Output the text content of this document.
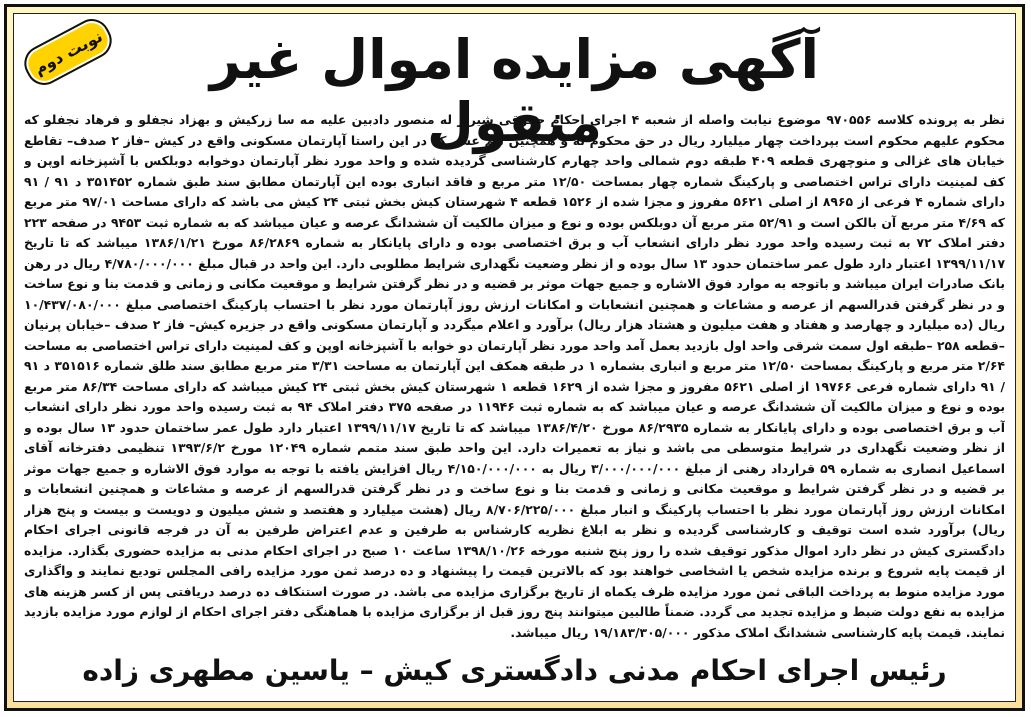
نوبت دوم	آگهی مزایده اموال غیر منقول
نظر به پرونده کلاسه ۹۷۰۵۵۶ موضوع نیابت واصله از شعبه ۴ اجرای احکام حقوقی شیراز له منصور دادبین علیه مه سا زرکیش و بهزاد نجفلو و فرهاد نجفلو که محکوم علیهم محکوم است بپرداخت چهار میلیارد ریال در حق محکوم له و همچنین نیم عشر که در این راستا آپارتمان مسکونی واقع در کیش –فاز ۲ صدف– تقاطع خیابان های غزالی و منوچهری قطعه ۴۰۹ طبقه دوم شمالی واحد چهارم کارشناسی گردیده شده و واحد مورد نظر آپارتمان دوخوابه دوبلکس با آشپزخانه اوپن و کف لمینیت دارای تراس اختصاصی و پارکینگ شماره چهار بمساحت ۱۲/۵۰ متر مربع و فاقد انباری بوده این آپارتمان مطابق سند طبق شماره ۳۵۱۴۵۲ د ۹۱ / ۹۱ دارای شماره ۴ فرعی از ۸۹۶۵ از اصلی ۵۶۲۱ مفروز و مجزا شده از ۱۵۲۶ قطعه ۴ شهرستان کیش بخش ثبتی ۲۴ کیش می باشد که دارای مساحت ۹۷/۰۱ متر مربع که ۴/۶۹ متر مربع آن بالکن است و ۵۲/۹۱ متر مربع آن دوبلکس بوده و نوع و میزان مالکیت آن ششدانگ عرصه و عیان میباشد که به شماره ثبت ۹۴۵۳ در صفحه ۲۲۳ دفتر املاک ۷۲ به ثبت رسیده واحد مورد نظر دارای انشعاب آب و برق اختصاصی بوده و دارای پایانکار به شماره ۸۶/۲۸۶۹ مورخ ۱۳۸۶/۱/۲۱ میباشد که تا تاریخ ۱۳۹۹/۱۱/۱۷ اعتبار دارد طول عمر ساختمان حدود ۱۳ سال بوده و از نظر وضعیت نگهداری شرایط مطلوبی دارد. این واحد در قبال مبلغ ۴/۷۸۰/۰۰۰/۰۰۰ ریال در رهن بانک صادرات ایران میباشد و باتوجه به موارد فوق الاشاره و جمیع جهات موثر بر قضیه و در نظر گرفتن شرایط و موقعیت مکانی و زمانی و قدمت بنا و نوع ساخت و در نظر گرفتن قدرالسهم از عرصه و مشاعات و همچنین انشعابات و امکانات ارزش روز آپارتمان مورد نظر با احتساب پارکینگ اختصاصی مبلغ ۱۰/۴۳۷/۰۸۰/۰۰۰ ریال (ده میلیارد و چهارصد و هفتاد و هفت میلیون و هشتاد هزار ریال) برآورد و اعلام میگردد و آپارتمان مسکونی واقع در جزیره کیش– فاز ۲ صدف –خیابان پرنیان –قطعه ۲۵۸ –طبقه اول سمت شرقی واحد اول بازدید بعمل آمد واحد مورد نظر آپارتمان دو خوابه با آشپزخانه اوپن و کف لمینیت دارای تراس اختصاصی به مساحت ۲/۶۴ متر مربع و پارکینگ بمساحت ۱۲/۵۰ متر مربع و انباری بشماره ۱ در طبقه همکف این آپارتمان به مساحت ۳/۳۱ متر مربع مطابق سند طلق شماره ۳۵۱۵۱۶ د ۹۱ / ۹۱ دارای شماره فرعی ۱۹۷۶۶ از اصلی ۵۶۲۱ مفروز و مجزا شده از ۱۶۲۹ قطعه ۱ شهرستان کیش بخش ثبتی ۲۴ کیش میباشد که دارای مساحت ۸۶/۳۴ متر مربع بوده و نوع و میزان مالکیت آن ششدانگ عرصه و عیان میباشد که به شماره ثبت ۱۱۹۴۶ در صفحه ۳۷۵ دفتر املاک ۹۴ به ثبت رسیده واحد مورد نظر دارای انشعاب آب و برق اختصاصی بوده و دارای پایانکار به شماره ۸۶/۲۹۳۵ مورخ ۱۳۸۶/۴/۲۰ میباشد که تا تاریخ ۱۳۹۹/۱۱/۱۷ اعتبار دارد طول عمر ساختمان حدود ۱۳ سال بوده و از نظر وضعیت نگهداری در شرایط متوسطی می باشد و نیاز به تعمیرات دارد. این واحد طبق سند متمم شماره ۱۲۰۴۹ مورخ ۱۳۹۳/۶/۲ تنظیمی دفترخانه آقای اسماعیل انصاری به شماره ۵۹ قرارداد رهنی از مبلغ ۳/۰۰۰/۰۰۰/۰۰۰ ریال به ۴/۱۵۰/۰۰۰/۰۰۰ ریال افزایش یافته با توجه به موارد فوق الاشاره و جمیع جهات موثر بر قضیه و در نظر گرفتن شرایط و موقعیت مکانی و زمانی و قدمت بنا و نوع ساخت و در نظر گرفتن قدرالسهم از عرصه و مشاعات و همچنین انشعابات و امکانات ارزش روز آپارتمان مورد نظر با احتساب پارکینگ و انبار مبلغ ۸/۷۰۶/۲۲۵/۰۰۰ ریال (هشت میلیارد و هفتصد و شش میلیون و دویست و بیست و پنج هزار ریال) برآورد شده است توقیف و کارشناسی گردیده و نظر به ابلاغ نظریه کارشناس به طرفین و عدم اعتراض طرفین به آن در فرجه قانونی اجرای احکام دادگستری کیش در نظر دارد اموال مذکور توقیف شده را روز پنج شنبه مورخه ۱۳۹۸/۱۰/۲۶ ساعت ۱۰ صبح در اجرای احکام مدنی به مزایده حضوری بگذارد. مزایده از قیمت پایه شروع و برنده مزایده شخص یا اشخاصی خواهند بود که بالاترین قیمت را پیشنهاد و ده درصد ثمن مورد مزایده رافی المجلس تودیع نمایند و واگذاری مورد مزایده منوط به پرداخت الباقی ثمن مورد مزایده ظرف یکماه از تاریخ برگزاری مزایده می باشد. در صورت استنکاف ده درصد دریافتی پس از کسر هزینه های مزایده به نفع دولت ضبط و مزایده تجدید می گردد. ضمناً طالبین میتوانند پنج روز قبل از برگزاری مزایده با هماهنگی دفتر اجرای احکام از لوازم مورد مزایده بازدید نمایند. قیمت پایه کارشناسی ششدانگ املاک مذکور ۱۹/۱۸۳/۳۰۵/۰۰۰ ریال میباشد.
رئیس اجرای احکام مدنی دادگستری کیش – یاسین مطهری زاده
